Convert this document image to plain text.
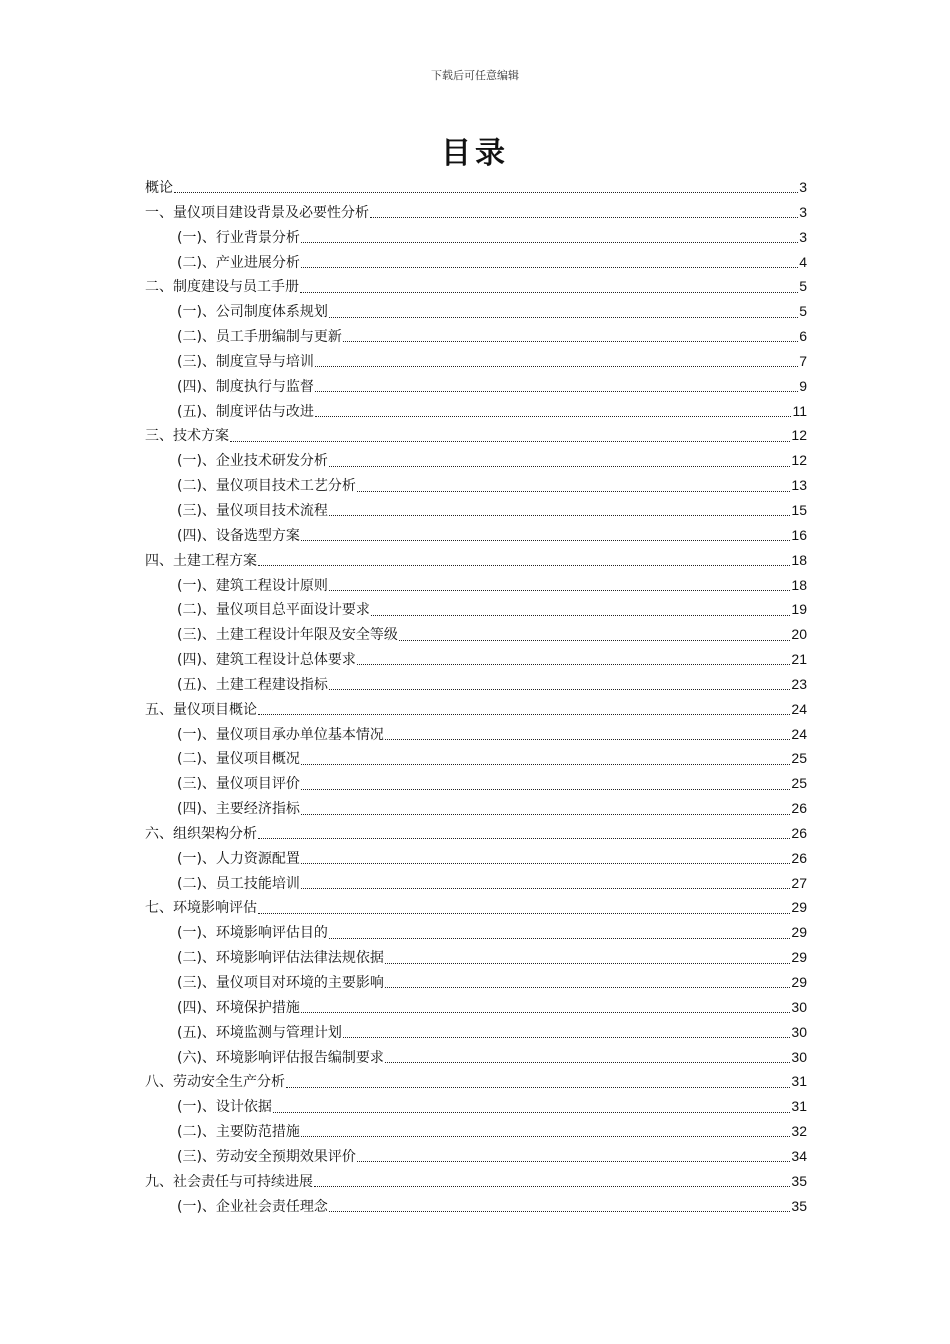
下载后可任意编辑
目录
概论	3
一、量仪项目建设背景及必要性分析	3
(一)、行业背景分析	3
(二)、产业进展分析	4
二、制度建设与员工手册	5
(一)、公司制度体系规划	5
(二)、员工手册编制与更新	6
(三)、制度宣导与培训	7
(四)、制度执行与监督	9
(五)、制度评估与改进	11
三、技术方案	12
(一)、企业技术研发分析	12
(二)、量仪项目技术工艺分析	13
(三)、量仪项目技术流程	15
(四)、设备选型方案	16
四、土建工程方案	18
(一)、建筑工程设计原则	18
(二)、量仪项目总平面设计要求	19
(三)、土建工程设计年限及安全等级	20
(四)、建筑工程设计总体要求	21
(五)、土建工程建设指标	23
五、量仪项目概论	24
(一)、量仪项目承办单位基本情况	24
(二)、量仪项目概况	25
(三)、量仪项目评价	25
(四)、主要经济指标	26
六、组织架构分析	26
(一)、人力资源配置	26
(二)、员工技能培训	27
七、环境影响评估	29
(一)、环境影响评估目的	29
(二)、环境影响评估法律法规依据	29
(三)、量仪项目对环境的主要影响	29
(四)、环境保护措施	30
(五)、环境监测与管理计划	30
(六)、环境影响评估报告编制要求	30
八、劳动安全生产分析	31
(一)、设计依据	31
(二)、主要防范措施	32
(三)、劳动安全预期效果评价	34
九、社会责任与可持续进展	35
(一)、企业社会责任理念	35
